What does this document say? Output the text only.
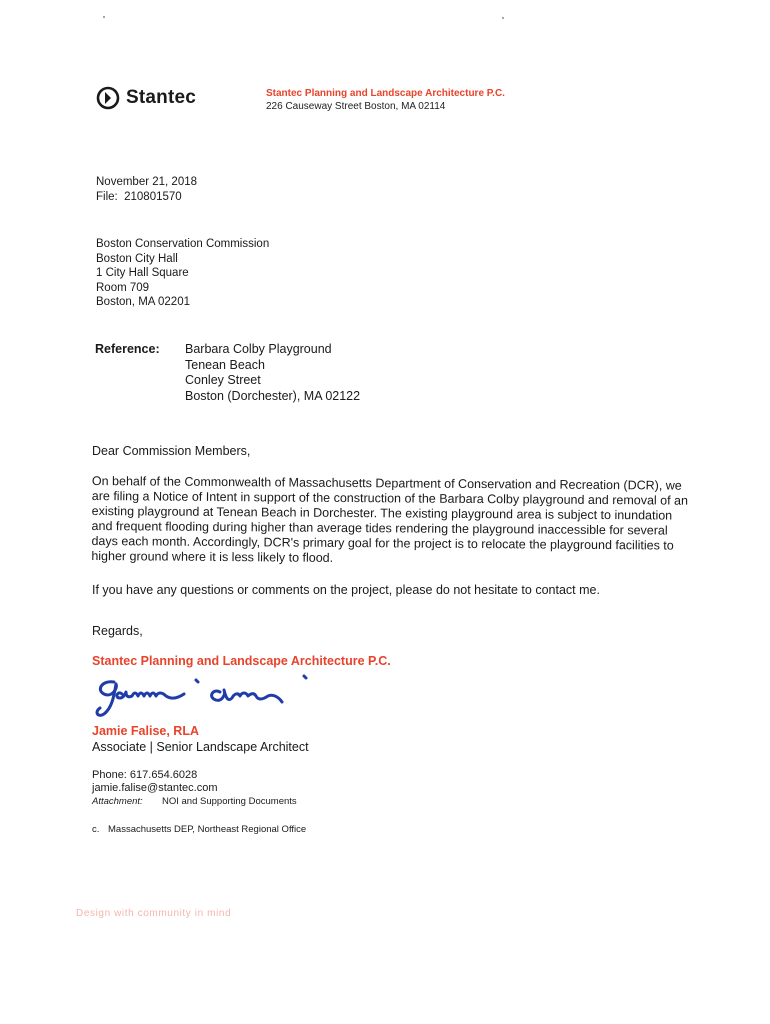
Stantec	Stantec Planning and Landscape Architecture P.C.
226 Causeway Street Boston, MA 02114
November 21, 2018
File: 210801570
Boston Conservation Commission
Boston City Hall
1 City Hall Square
Room 709
Boston, MA 02201
Reference: Barbara Colby Playground
Tenean Beach
Conley Street
Boston (Dorchester), MA 02122
Dear Commission Members,
On behalf of the Commonwealth of Massachusetts Department of Conservation and Recreation (DCR), we are filing a Notice of Intent in support of the construction of the Barbara Colby playground and removal of an existing playground at Tenean Beach in Dorchester. The existing playground area is subject to inundation and frequent flooding during higher than average tides rendering the playground inaccessible for several days each month. Accordingly, DCR's primary goal for the project is to relocate the playground facilities to higher ground where it is less likely to flood.
If you have any questions or comments on the project, please do not hesitate to contact me.
Regards,
Stantec Planning and Landscape Architecture P.C.
Jamie Falise, RLA
Associate | Senior Landscape Architect
Phone: 617.654.6028
jamie.falise@stantec.com
Attachment: NOI and Supporting Documents
c. Massachusetts DEP, Northeast Regional Office
Design with community in mind
